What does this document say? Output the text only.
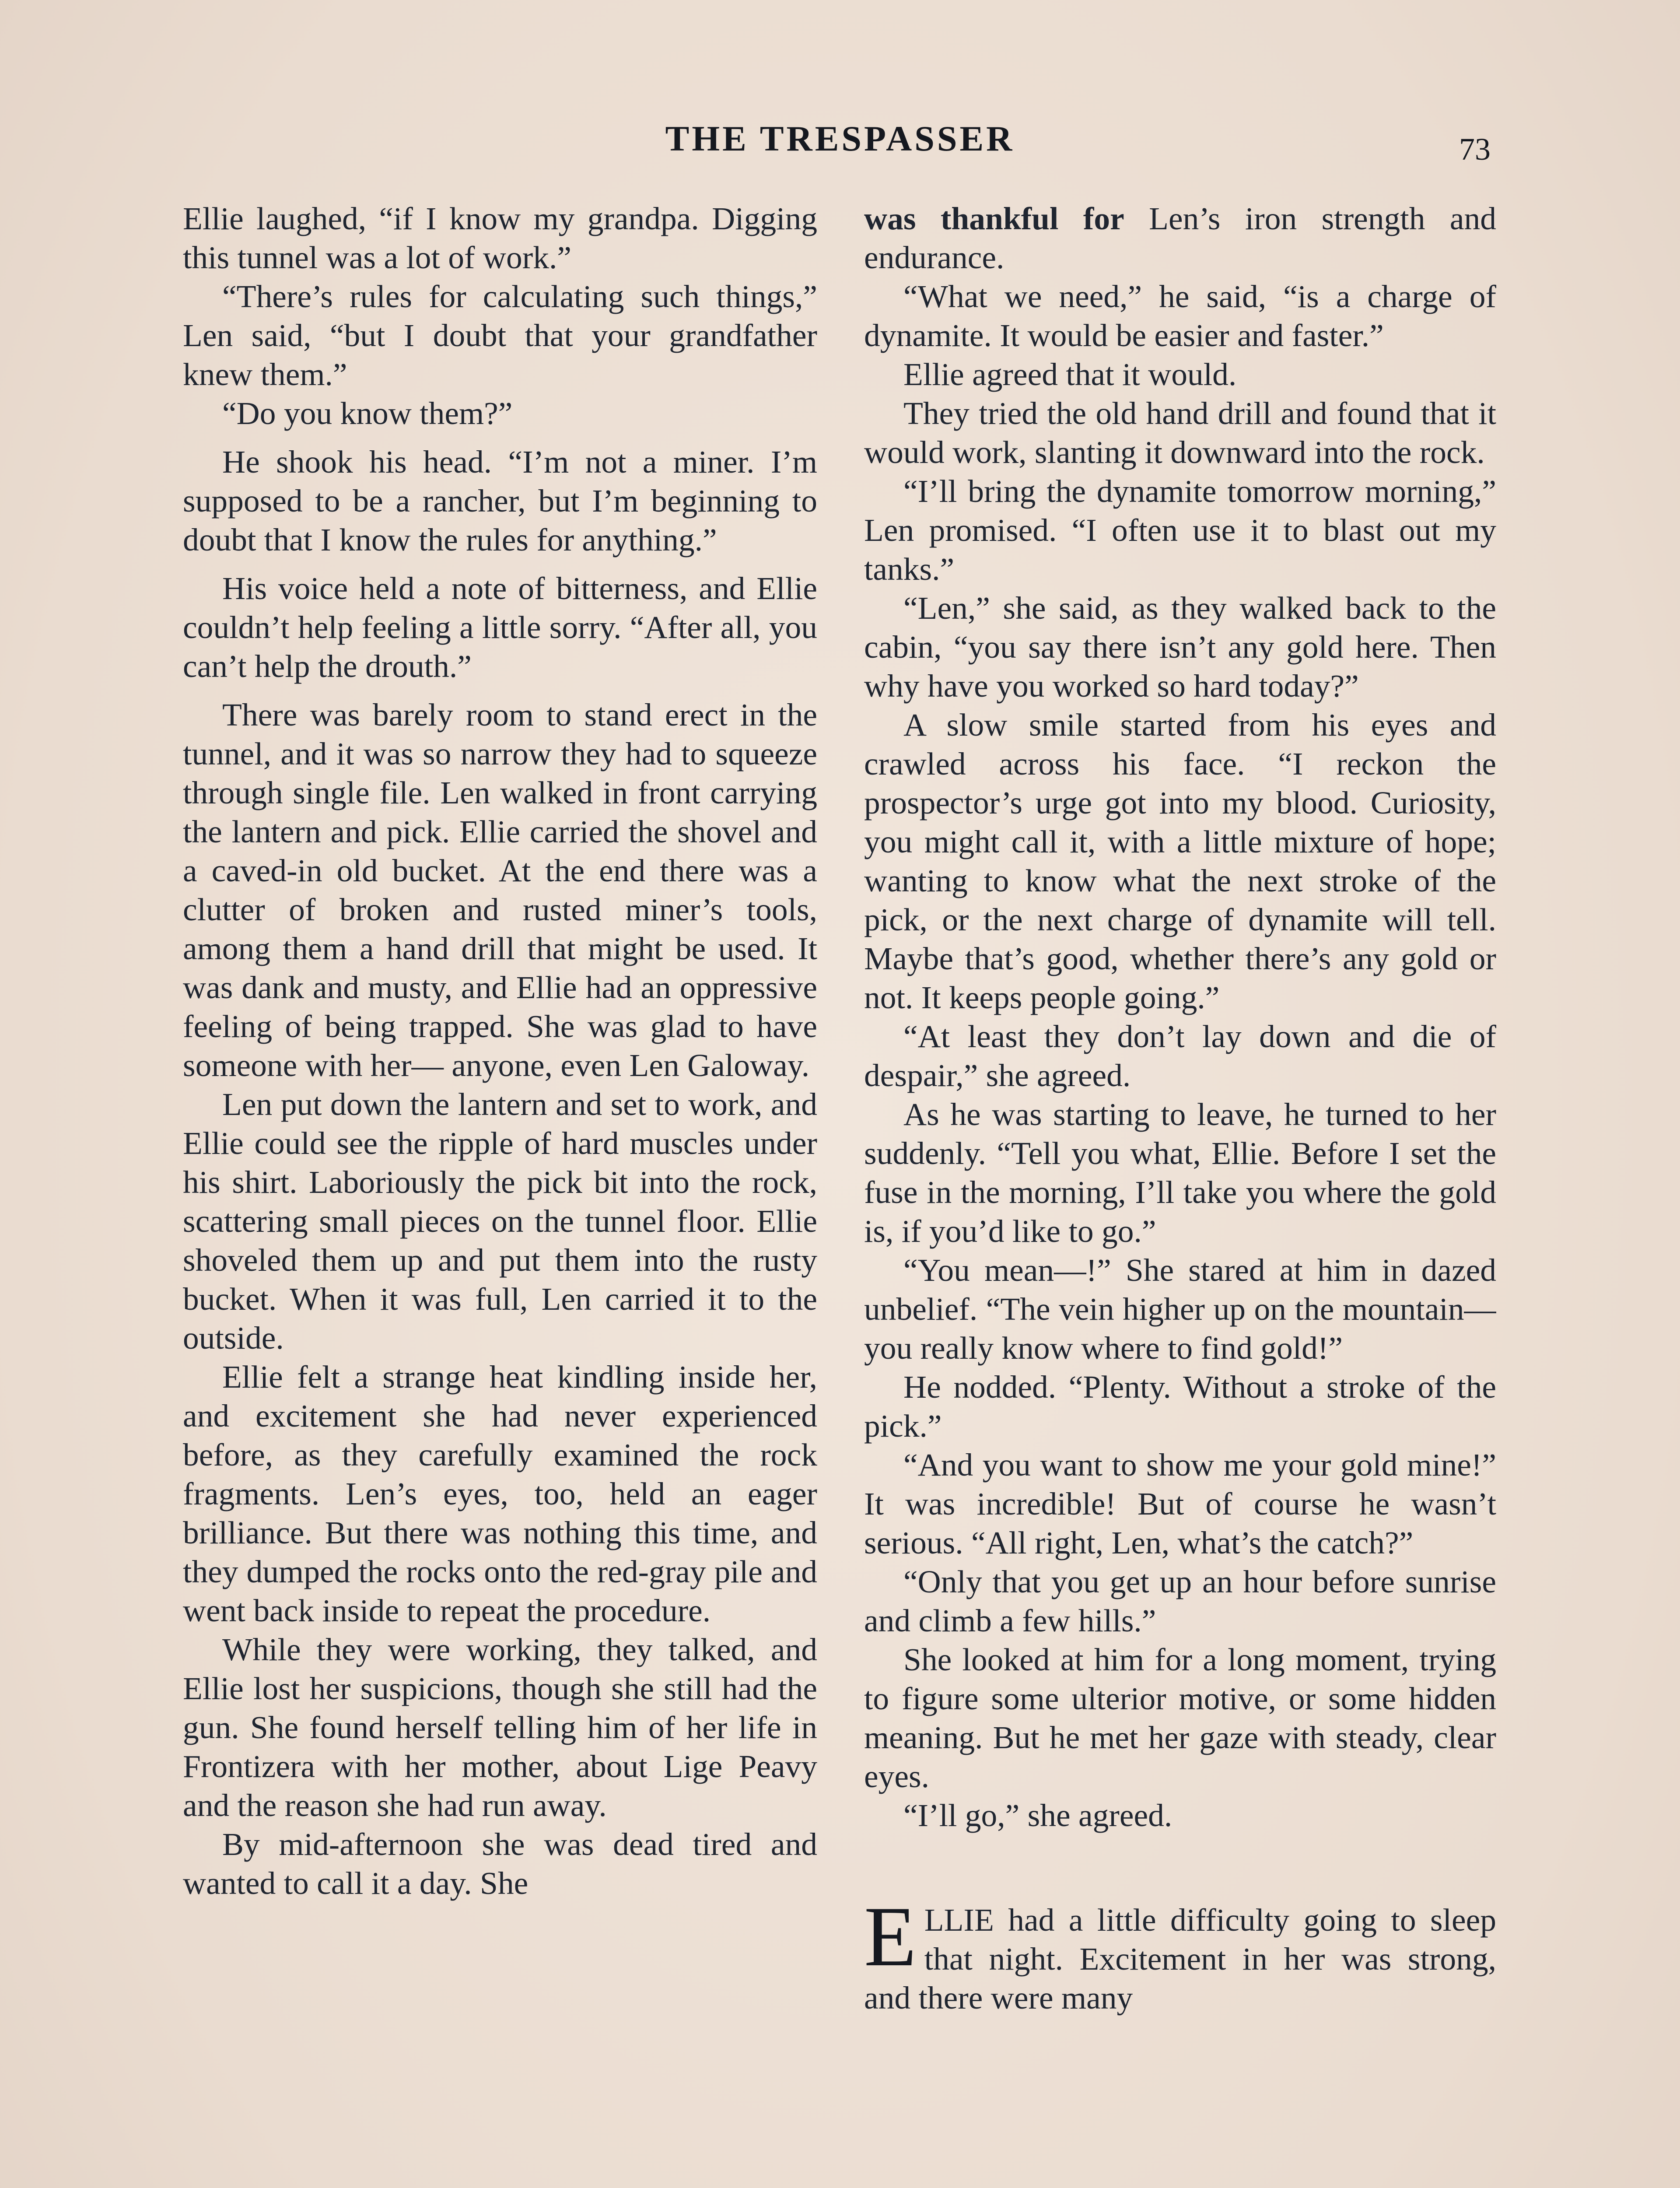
THE TRESPASSER	73

Ellie laughed, “if I know my grandpa. Digging this tunnel was a lot of work.”

“There’s rules for calculating such things,” Len said, “but I doubt that your grandfather knew them.”

“Do you know them?”

He shook his head. “I’m not a miner. I’m supposed to be a rancher, but I’m beginning to doubt that I know the rules for anything.”

His voice held a note of bitterness, and Ellie couldn’t help feeling a little sorry. “After all, you can’t help the drouth.”

There was barely room to stand erect in the tunnel, and it was so narrow they had to squeeze through single file. Len walked in front carrying the lantern and pick. Ellie carried the shovel and a caved-in old bucket. At the end there was a clutter of broken and rusted miner’s tools, among them a hand drill that might be used. It was dank and musty, and Ellie had an oppressive feeling of being trapped. She was glad to have someone with her— anyone, even Len Galoway.

Len put down the lantern and set to work, and Ellie could see the ripple of hard muscles under his shirt. Laboriously the pick bit into the rock, scattering small pieces on the tunnel floor. Ellie shoveled them up and put them into the rusty bucket. When it was full, Len carried it to the outside.

Ellie felt a strange heat kindling inside her, and excitement she had never experienced before, as they carefully examined the rock fragments. Len’s eyes, too, held an eager brilliance. But there was nothing this time, and they dumped the rocks onto the red-gray pile and went back inside to repeat the procedure.

While they were working, they talked, and Ellie lost her suspicions, though she still had the gun. She found herself telling him of her life in Frontizera with her mother, about Lige Peavy and the reason she had run away.

By mid-afternoon she was dead tired and wanted to call it a day. She

was thankful for Len’s iron strength and endurance.

“What we need,” he said, “is a charge of dynamite. It would be easier and faster.”

Ellie agreed that it would.

They tried the old hand drill and found that it would work, slanting it downward into the rock.

“I’ll bring the dynamite tomorrow morning,” Len promised. “I often use it to blast out my tanks.”

“Len,” she said, as they walked back to the cabin, “you say there isn’t any gold here. Then why have you worked so hard today?”

A slow smile started from his eyes and crawled across his face. “I reckon the prospector’s urge got into my blood. Curiosity, you might call it, with a little mixture of hope; wanting to know what the next stroke of the pick, or the next charge of dynamite will tell. Maybe that’s good, whether there’s any gold or not. It keeps people going.”

“At least they don’t lay down and die of despair,” she agreed.

As he was starting to leave, he turned to her suddenly. “Tell you what, Ellie. Before I set the fuse in the morning, I’ll take you where the gold is, if you’d like to go.”

“You mean—!” She stared at him in dazed unbelief. “The vein higher up on the mountain—you really know where to find gold!”

He nodded. “Plenty. Without a stroke of the pick.”

“And you want to show me your gold mine!” It was incredible! But of course he wasn’t serious. “All right, Len, what’s the catch?”

“Only that you get up an hour before sunrise and climb a few hills.”

She looked at him for a long moment, trying to figure some ulterior motive, or some hidden meaning. But he met her gaze with steady, clear eyes.

“I’ll go,” she agreed.

ELLIE had a little difficulty going to sleep that night. Excitement in her was strong, and there were many
